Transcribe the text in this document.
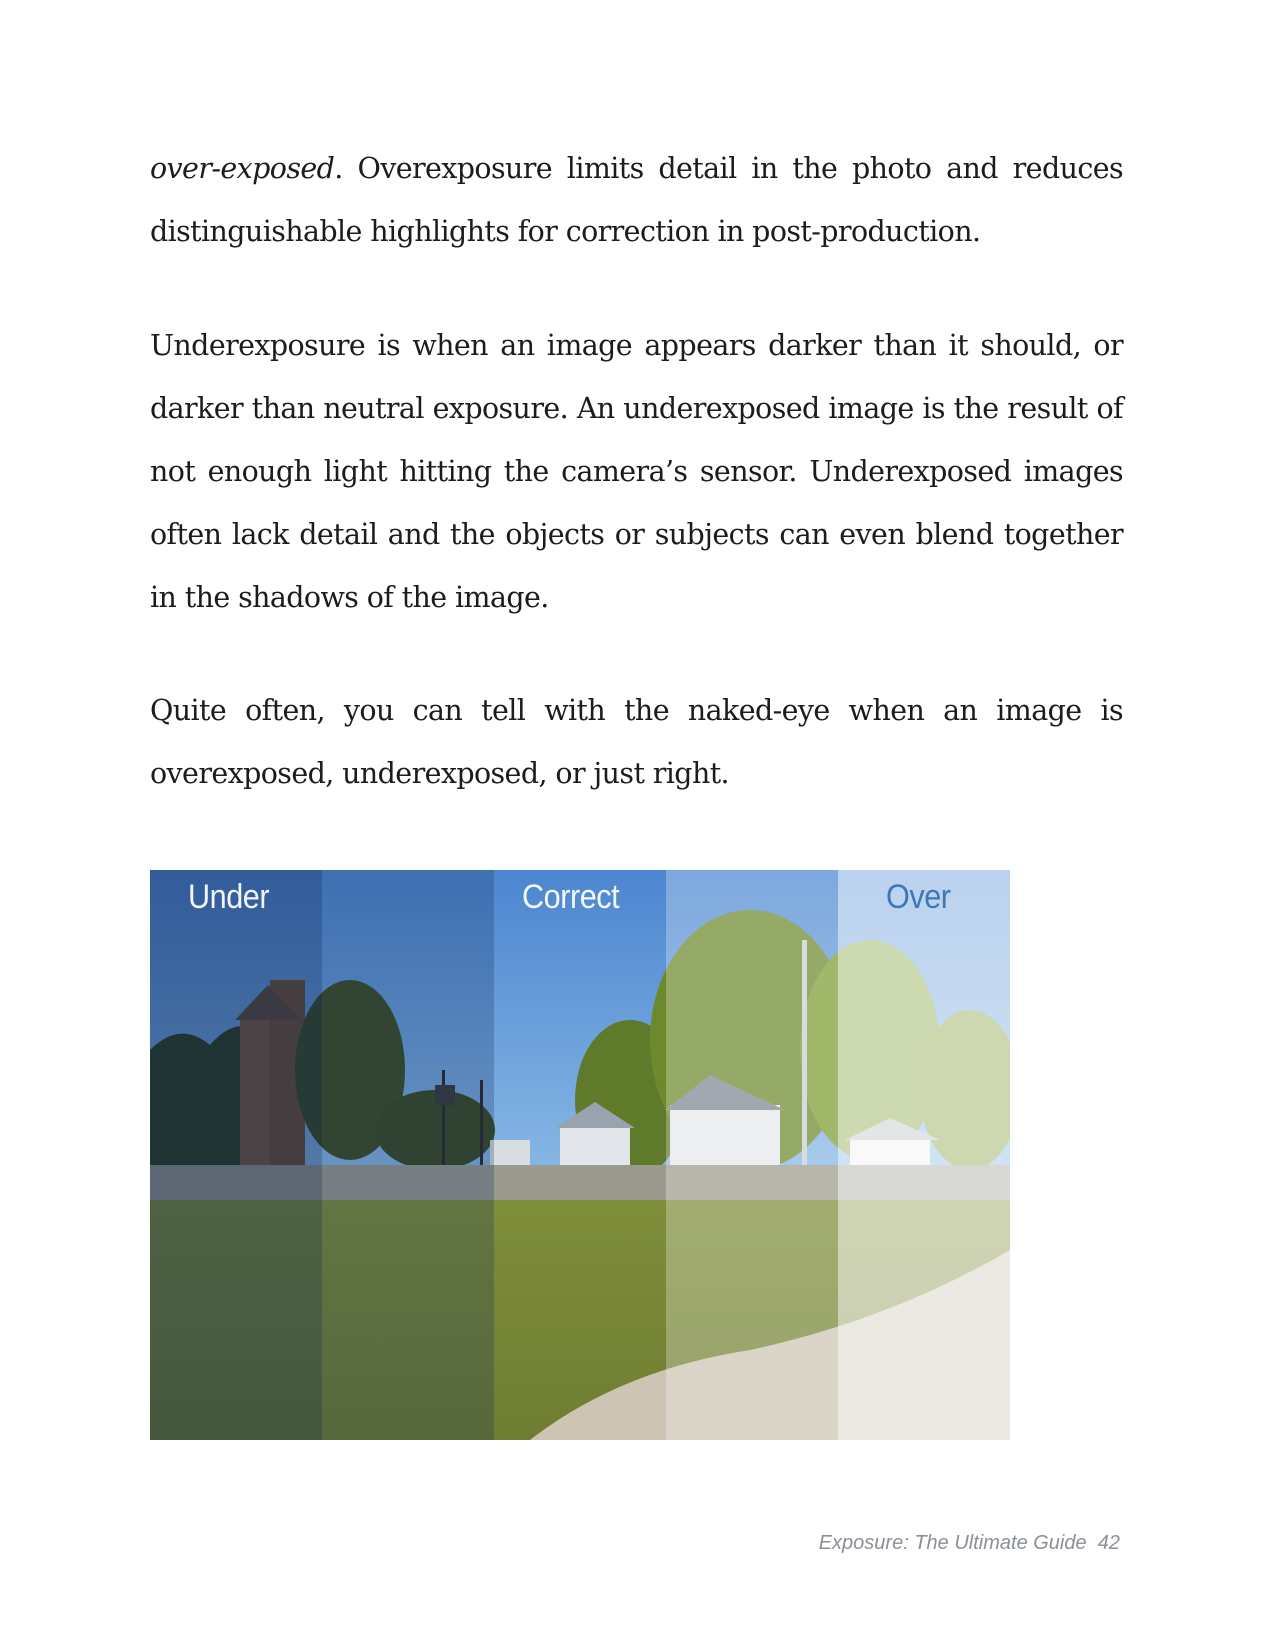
over-exposed. Overexposure limits detail in the photo and reduces distinguishable highlights for correction in post-production.

Underexposure is when an image appears darker than it should, or darker than neutral exposure. An underexposed image is the result of not enough light hitting the camera’s sensor. Underexposed images often lack detail and the objects or subjects can even blend together in the shadows of the image.

Quite often, you can tell with the naked-eye when an image is overexposed, underexposed, or just right.

Under	Correct	Over
Exposure: The Ultimate Guide 42
